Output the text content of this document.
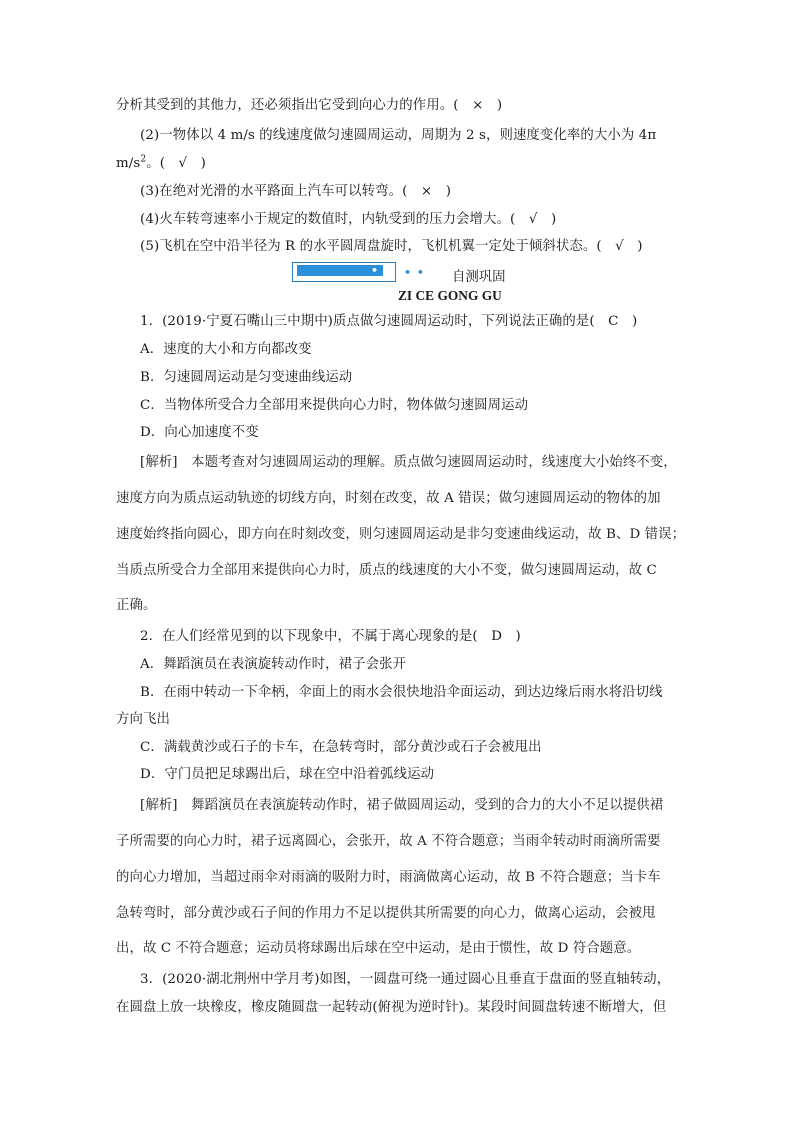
分析其受到的其他力，还必须指出它受到向心力的作用。(　×　)
(2)一物体以 4 m/s 的线速度做匀速圆周运动，周期为 2 s，则速度变化率的大小为 4π
$m/s^2$。(　√　)
(3)在绝对光滑的水平路面上汽车可以转弯。(　×　)
(4)火车转弯速率小于规定的数值时，内轨受到的压力会增大。(　√　)
(5)飞机在空中沿半径为 R 的水平圆周盘旋时，飞机机翼一定处于倾斜状态。(　√　)
• • • • • 自测巩固
ZI CE GONG GU
1．(2019·宁夏石嘴山三中期中)质点做匀速圆周运动时，下列说法正确的是(　C　)
A．速度的大小和方向都改变
B．匀速圆周运动是匀变速曲线运动
C．当物体所受合力全部用来提供向心力时，物体做匀速圆周运动
D．向心加速度不变
[解析]　本题考查对匀速圆周运动的理解。质点做匀速圆周运动时，线速度大小始终不变，
速度方向为质点运动轨迹的切线方向，时刻在改变，故 A 错误；做匀速圆周运动的物体的加
速度始终指向圆心，即方向在时刻改变，则匀速圆周运动是非匀变速曲线运动，故 B、D 错误；
当质点所受合力全部用来提供向心力时，质点的线速度的大小不变，做匀速圆周运动，故 C
正确。
2．在人们经常见到的以下现象中，不属于离心现象的是(　D　)
A．舞蹈演员在表演旋转动作时，裙子会张开
B．在雨中转动一下伞柄，伞面上的雨水会很快地沿伞面运动，到达边缘后雨水将沿切线
方向飞出
C．满载黄沙或石子的卡车，在急转弯时，部分黄沙或石子会被甩出
D．守门员把足球踢出后，球在空中沿着弧线运动
[解析]　舞蹈演员在表演旋转动作时，裙子做圆周运动，受到的合力的大小不足以提供裙
子所需要的向心力时，裙子远离圆心，会张开，故 A 不符合题意；当雨伞转动时雨滴所需要
的向心力增加，当超过雨伞对雨滴的吸附力时，雨滴做离心运动，故 B 不符合题意；当卡车
急转弯时，部分黄沙或石子间的作用力不足以提供其所需要的向心力，做离心运动，会被甩
出，故 C 不符合题意；运动员将球踢出后球在空中运动，是由于惯性，故 D 符合题意。
3．(2020·湖北荆州中学月考)如图，一圆盘可绕一通过圆心且垂直于盘面的竖直轴转动，
在圆盘上放一块橡皮，橡皮随圆盘一起转动(俯视为逆时针)。某段时间圆盘转速不断增大，但
